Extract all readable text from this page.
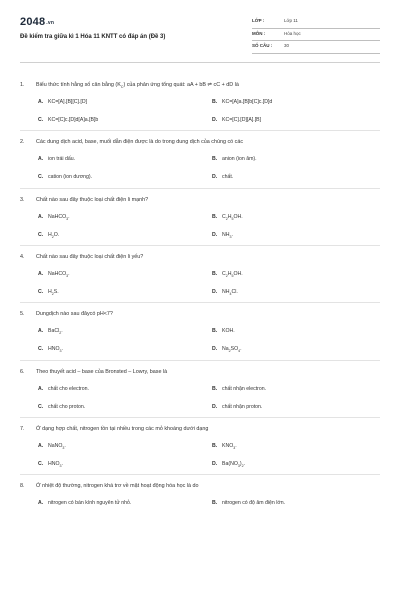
2048.vn
Đề kiểm tra giữa kì 1 Hóa 11 KNTT có đáp án (Đề 3)
LỚP :	Lớp 11
MÔN :	Hóa học
SỐ CÂU :	30
1. Biểu thức tính hằng số cân bằng $(K_C)$ của phản ứng tổng quát: aA + bB ⇌ cC + dD là
A. KC=[A].[B][C].[D]	B. KC=[A]a.[B]b[C]c.[D]d
C. KC=[C]c.[D]d[A]a.[B]b	D. KC=[C].[D][A].[B]
2. Các dung dịch acid, base, muối dẫn điện được là do trong dung dịch của chúng có các
A. ion trái dấu.	B. anion (ion âm).
C. cation (ion dương).	D. chất.
3. Chất nào sau đây thuộc loại chất điện li mạnh?
A. NaHCO$_3$.	B. $C_2H_5OH$.
C. $H_2O$.	D. $NH_3$.
4. Chất nào sau đây thuộc loại chất điện li yếu?
A. NaHCO$_3$.	B. $C_2H_5OH$.
C. $H_2S$.	D. $NH_4Cl$.
5. Dungdịch nào sau đâycó pH<7?
A. BaCl$_2$.	B. KOH.
C. $HNO_3$.	D. $Na_2SO_4$.
6. Theo thuyết acid – base của Bronsted – Lowry, base là
A. chất cho electron.	B. chất nhận electron.
C. chất cho proton.	D. chất nhận proton.
7. Ở dạng hợp chất, nitrogen tồn tại nhiều trong các mỏ khoáng dưới dạng
A. NaNO$_3$.	B. $KNO_3$.
C. $HNO_3$.	D. $Ba(NO_3)_2$.
8. Ở nhiệt độ thường, nitrogen khá trơ về mặt hoạt động hóa học là do
A. nitrogen có bán kính nguyên tử nhỏ.	B. nitrogen có độ âm điện lớn.
